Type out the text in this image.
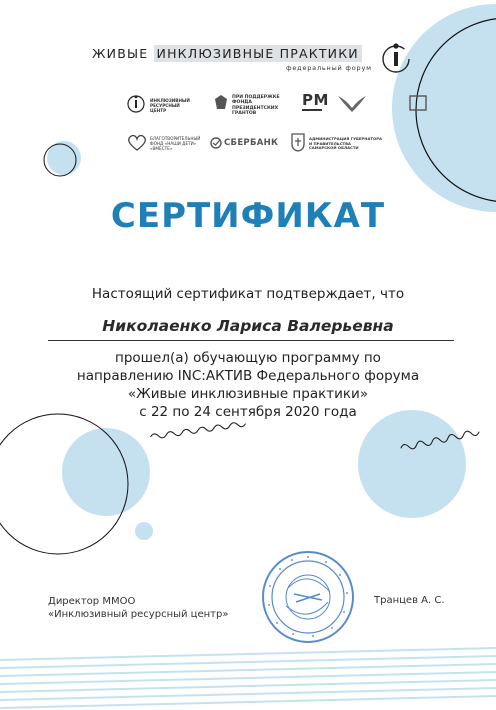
ЖИВЫЕ ИНКЛЮЗИВНЫЕ ПРАКТИКИ
федеральный форум
ИНКЛЮЗИВНЫЙ
РЕСУРСНЫЙ
ЦЕНТР
ПРИ ПОДДЕРЖКЕ
ФОНДА
ПРЕЗИДЕНТСКИХ
ГРАНТОВ
РМ
БЛАГОТВОРИТЕЛЬНЫЙ
ФОНД «НАШИ ДЕТИ»
«ВМЕСТЕ»
СБЕРБАНК	АДМИНИСТРАЦИЯ ГУБЕРНАТОРА
И ПРАВИТЕЛЬСТВА
САМАРСКОЙ ОБЛАСТИ
СЕРТИФИКАТ
Настоящий сертификат подтверждает, что
Николаенко Лариса Валерьевна
прошел(а) обучающую программу по
направлению INC:АКТИВ Федерального форума
«Живые инклюзивные практики»
с 22 по 24 сентября 2020 года
Директор ММОО
«Инклюзивный ресурсный центр»
Транцев А. С.
